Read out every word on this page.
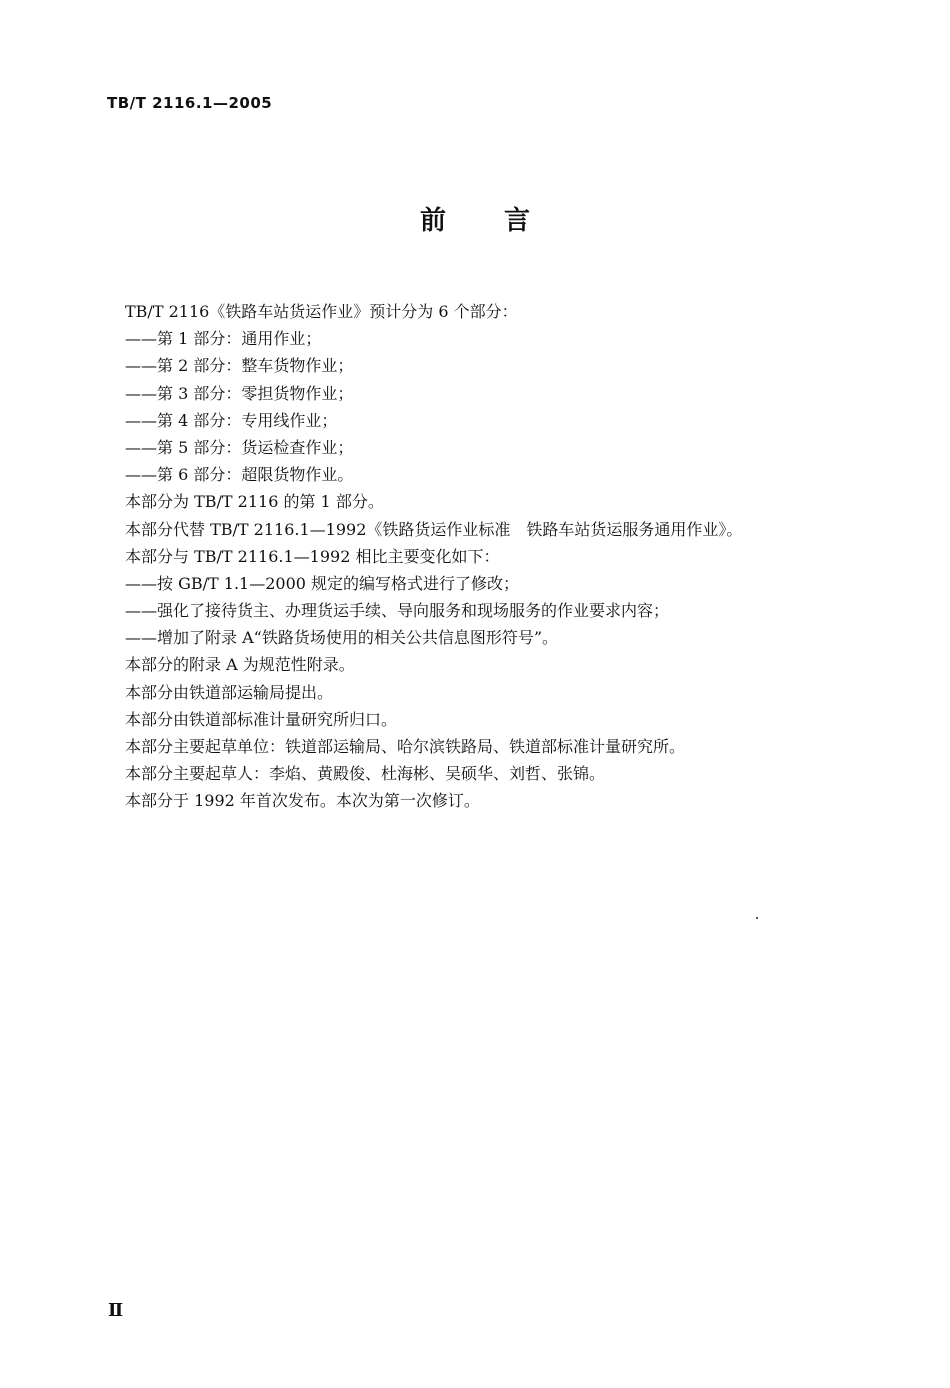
TB/T 2116.1—2005
前言
TB/T 2116《铁路车站货运作业》预计分为 6 个部分：
——第 1 部分：通用作业；
——第 2 部分：整车货物作业；
——第 3 部分：零担货物作业；
——第 4 部分：专用线作业；
——第 5 部分：货运检查作业；
——第 6 部分：超限货物作业。
本部分为 TB/T 2116 的第 1 部分。
本部分代替 TB/T 2116.1—1992《铁路货运作业标准　铁路车站货运服务通用作业》。
本部分与 TB/T 2116.1—1992 相比主要变化如下：
——按 GB/T 1.1—2000 规定的编写格式进行了修改；
——强化了接待货主、办理货运手续、导向服务和现场服务的作业要求内容；
——增加了附录 A“铁路货场使用的相关公共信息图形符号”。
本部分的附录 A 为规范性附录。
本部分由铁道部运输局提出。
本部分由铁道部标准计量研究所归口。
本部分主要起草单位：铁道部运输局、哈尔滨铁路局、铁道部标准计量研究所。
本部分主要起草人：李焰、黄殿俊、杜海彬、吴硕华、刘哲、张锦。
本部分于 1992 年首次发布。本次为第一次修订。
Ⅱ
